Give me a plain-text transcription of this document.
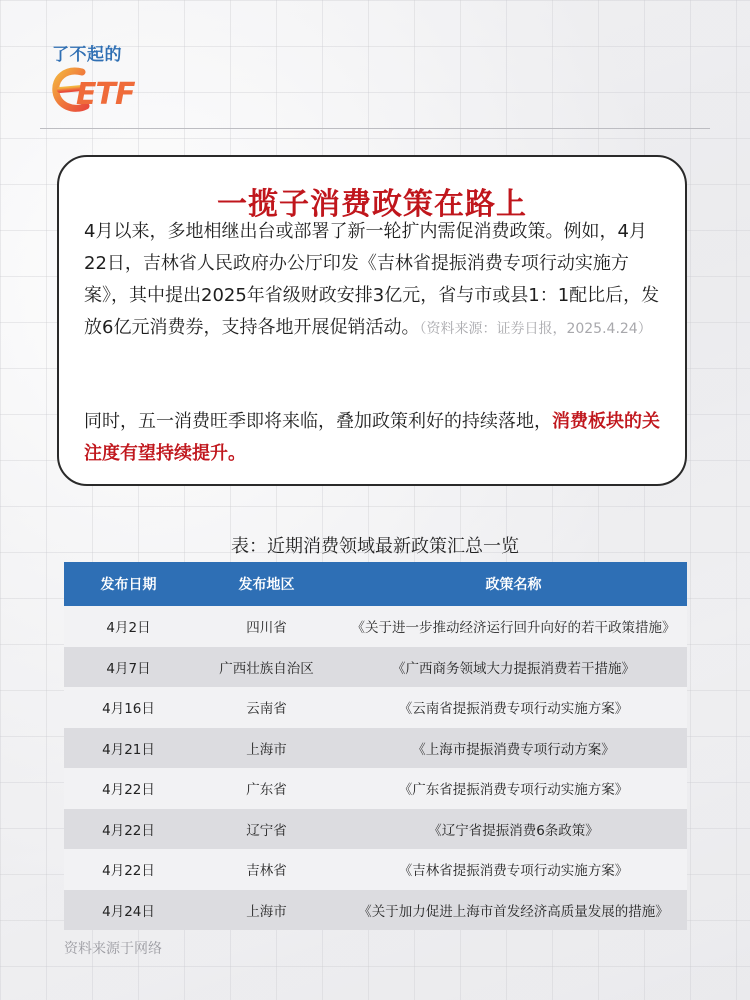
了不起的
ETF
一揽子消费政策在路上
4月以来，多地相继出台或部署了新一轮扩内需促消费政策。例如，4月22日，吉林省人民政府办公厅印发《吉林省提振消费专项行动实施方案》，其中提出2025年省级财政安排3亿元，省与市或县1：1配比后，发放6亿元消费券，支持各地开展促销活动。（资料来源：证券日报，2025.4.24）
同时，五一消费旺季即将来临，叠加政策利好的持续落地，消费板块的关注度有望持续提升。
表：近期消费领域最新政策汇总一览
发布日期	发布地区	政策名称
4月2日	四川省	《关于进一步推动经济运行回升向好的若干政策措施》
4月7日	广西壮族自治区	《广西商务领域大力提振消费若干措施》
4月16日	云南省	《云南省提振消费专项行动实施方案》
4月21日	上海市	《上海市提振消费专项行动方案》
4月22日	广东省	《广东省提振消费专项行动实施方案》
4月22日	辽宁省	《辽宁省提振消费6条政策》
4月22日	吉林省	《吉林省提振消费专项行动实施方案》
4月24日	上海市	《关于加力促进上海市首发经济高质量发展的措施》
资料来源于网络
